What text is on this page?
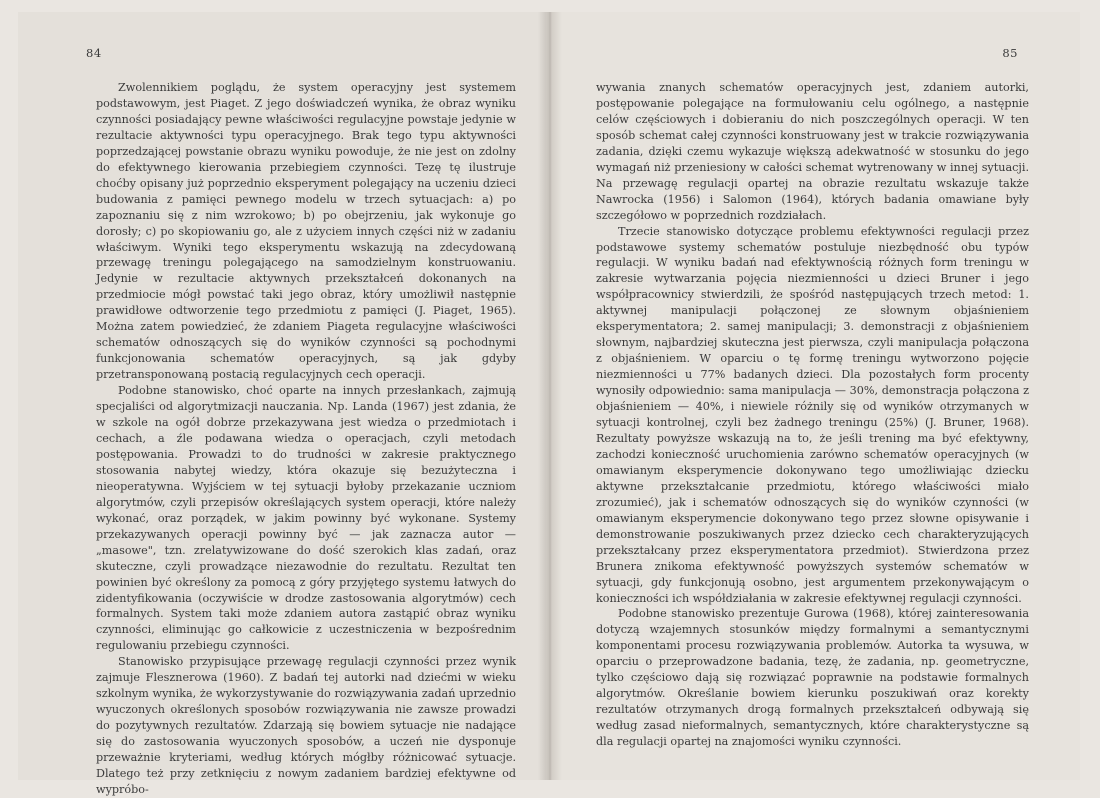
84

Zwolennikiem poglądu, że system operacyjny jest systemem podstawowym, jest Piaget. Z jego doświadczeń wynika, że obraz wyniku czynności posiadający pewne właściwości regulacyjne powstaje jedynie w rezultacie aktywności typu operacyjnego. Brak tego typu aktywności poprzedzającej powstanie obrazu wyniku powoduje, że nie jest on zdolny do efektywnego kierowania przebiegiem czynności. Tezę tę ilustruje choćby opisany już poprzednio eksperyment polegający na uczeniu dzieci budowania z pamięci pewnego modelu w trzech sytuacjach: a) po zapoznaniu się z nim wzrokowo; b) po obejrzeniu, jak wykonuje go dorosły; c) po skopiowaniu go, ale z użyciem innych części niż w zadaniu właściwym. Wyniki tego eksperymentu wskazują na zdecydowaną przewagę treningu polegającego na samodzielnym konstruowaniu. Jedynie w rezultacie aktywnych przekształceń dokonanych na przedmiocie mógł powstać taki jego obraz, który umożliwił następnie prawidłowe odtworzenie tego przedmiotu z pamięci (J. Piaget, 1965). Można zatem powiedzieć, że zdaniem Piageta regulacyjne właściwości schematów odnoszących się do wyników czynności są pochodnymi funkcjonowania schematów operacyjnych, są jak gdyby przetransponowaną postacią regulacyjnych cech operacji.

Podobne stanowisko, choć oparte na innych przesłankach, zajmują specjaliści od algorytmizacji nauczania. Np. Landa (1967) jest zdania, że w szkole na ogół dobrze przekazywana jest wiedza o przedmiotach i cechach, a źle podawana wiedza o operacjach, czyli metodach postępowania. Prowadzi to do trudności w zakresie praktycznego stosowania nabytej wiedzy, która okazuje się bezużyteczna i nieoperatywna. Wyjściem w tej sytuacji byłoby przekazanie uczniom algorytmów, czyli przepisów określających system operacji, które należy wykonać, oraz porządek, w jakim powinny być wykonane. Systemy przekazywanych operacji powinny być — jak zaznacza autor — „masowe", tzn. zrelatywizowane do dość szerokich klas zadań, oraz skuteczne, czyli prowadzące niezawodnie do rezultatu. Rezultat ten powinien być określony za pomocą z góry przyjętego systemu łatwych do zidentyfikowania (oczywiście w drodze zastosowania algorytmów) cech formalnych. System taki może zdaniem autora zastąpić obraz wyniku czynności, eliminując go całkowicie z uczestniczenia w bezpośrednim regulowaniu przebiegu czynności.

Stanowisko przypisujące przewagę regulacji czynności przez wynik zajmuje Flesznerowa (1960). Z badań tej autorki nad dziećmi w wieku szkolnym wynika, że wykorzystywanie do rozwiązywania zadań uprzednio wyuczonych określonych sposobów rozwiązywania nie zawsze prowadzi do pozytywnych rezultatów. Zdarzają się bowiem sytuacje nie nadające się do zastosowania wyuczonych sposobów, a uczeń nie dysponuje przeważnie kryteriami, według których mógłby różnicować sytuacje. Dlatego też przy zetknięciu z nowym zadaniem bardziej efektywne od wypróbo-

85

wywania znanych schematów operacyjnych jest, zdaniem autorki, postępowanie polegające na formułowaniu celu ogólnego, a następnie celów częściowych i dobieraniu do nich poszczególnych operacji. W ten sposób schemat całej czynności konstruowany jest w trakcie rozwiązywania zadania, dzięki czemu wykazuje większą adekwatność w stosunku do jego wymagań niż przeniesiony w całości schemat wytrenowany w innej sytuacji. Na przewagę regulacji opartej na obrazie rezultatu wskazuje także Nawrocka (1956) i Salomon (1964), których badania omawiane były szczegółowo w poprzednich rozdziałach.

Trzecie stanowisko dotyczące problemu efektywności regulacji przez podstawowe systemy schematów postuluje niezbędność obu typów regulacji. W wyniku badań nad efektywnością różnych form treningu w zakresie wytwarzania pojęcia niezmienności u dzieci Bruner i jego współpracownicy stwierdzili, że spośród następujących trzech metod: 1. aktywnej manipulacji połączonej ze słownym objaśnieniem eksperymentatora; 2. samej manipulacji; 3. demonstracji z objaśnieniem słownym, najbardziej skuteczna jest pierwsza, czyli manipulacja połączona z objaśnieniem. W oparciu o tę formę treningu wytworzono pojęcie niezmienności u 77% badanych dzieci. Dla pozostałych form procenty wynosiły odpowiednio: sama manipulacja — 30%, demonstracja połączona z objaśnieniem — 40%, i niewiele różnily się od wyników otrzymanych w sytuacji kontrolnej, czyli bez żadnego treningu (25%) (J. Bruner, 1968). Rezultaty powyższe wskazują na to, że jeśli trening ma być efektywny, zachodzi konieczność uruchomienia zarówno schematów operacyjnych (w omawianym eksperymencie dokonywano tego umożliwiając dziecku aktywne przekształcanie przedmiotu, którego właściwości miało zrozumieć), jak i schematów odnoszących się do wyników czynności (w omawianym eksperymencie dokonywano tego przez słowne opisywanie i demonstrowanie poszukiwanych przez dziecko cech charakteryzujących przekształcany przez eksperymentatora przedmiot). Stwierdzona przez Brunera znikoma efektywność powyższych systemów schematów w sytuacji, gdy funkcjonują osobno, jest argumentem przekonywającym o konieczności ich współdziałania w zakresie efektywnej regulacji czynności.

Podobne stanowisko prezentuje Gurowa (1968), której zainteresowania dotyczą wzajemnych stosunków między formalnymi a semantycznymi komponentami procesu rozwiązywania problemów. Autorka ta wysuwa, w oparciu o przeprowadzone badania, tezę, że zadania, np. geometryczne, tylko częściowo dają się rozwiązać poprawnie na podstawie formalnych algorytmów. Określanie bowiem kierunku poszukiwań oraz korekty rezultatów otrzymanych drogą formalnych przekształceń odbywają się według zasad nieformalnych, semantycznych, które charakterystyczne są dla regulacji opartej na znajomości wyniku czynności.
